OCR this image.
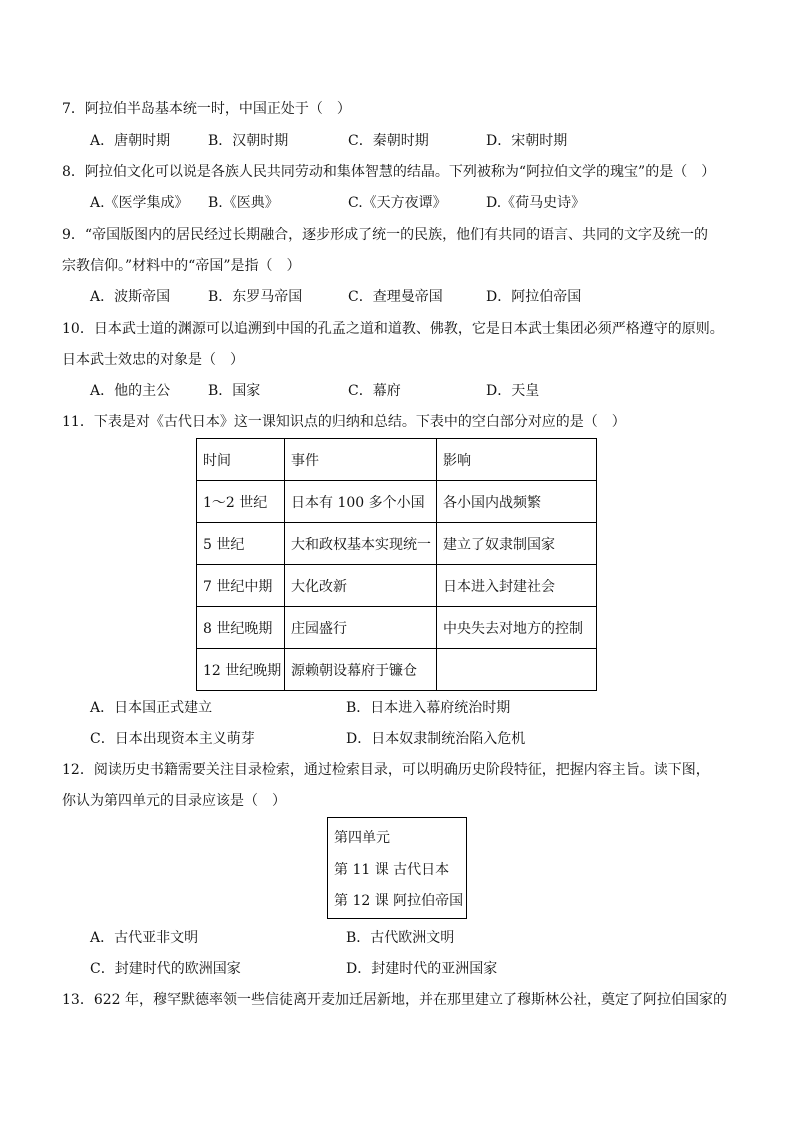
7．阿拉伯半岛基本统一时，中国正处于（　）
A．唐朝时期	B．汉朝时期	C．秦朝时期	D．宋朝时期
8．阿拉伯文化可以说是各族人民共同劳动和集体智慧的结晶。下列被称为“阿拉伯文学的瑰宝”的是（　）
A.《医学集成》 B.《医典》	C.《天方夜谭》	D.《荷马史诗》
9．“帝国版图内的居民经过长期融合，逐步形成了统一的民族，他们有共同的语言、共同的文字及统一的
宗教信仰。”材料中的“帝国”是指（　）
A．波斯帝国	B．东罗马帝国	C．查理曼帝国	D．阿拉伯帝国
10．日本武士道的渊源可以追溯到中国的孔孟之道和道教、佛教，它是日本武士集团必须严格遵守的原则。
日本武士效忠的对象是（　）
A．他的主公	B．国家	C．幕府	D．天皇
11．下表是对《古代日本》这一课知识点的归纳和总结。下表中的空白部分对应的是（　）
时间	事件	影响
1～2 世纪	日本有 100 多个小国	各小国内战频繁
5 世纪	大和政权基本实现统一	建立了奴隶制国家
7 世纪中期	大化改新	日本进入封建社会
8 世纪晚期	庄园盛行	中央失去对地方的控制
12 世纪晚期	源赖朝设幕府于镰仓	
A．日本国正式建立	B．日本进入幕府统治时期
C．日本出现资本主义萌芽	D．日本奴隶制统治陷入危机
12．阅读历史书籍需要关注目录检索，通过检索目录，可以明确历史阶段特征，把握内容主旨。读下图，
你认为第四单元的目录应该是（　）
第四单元
第 11 课 古代日本
第 12 课 阿拉伯帝国
A．古代亚非文明	B．古代欧洲文明
C．封建时代的欧洲国家	D．封建时代的亚洲国家
13．622 年，穆罕默德率领一些信徒离开麦加迁居新地，并在那里建立了穆斯林公社，奠定了阿拉伯国家的
